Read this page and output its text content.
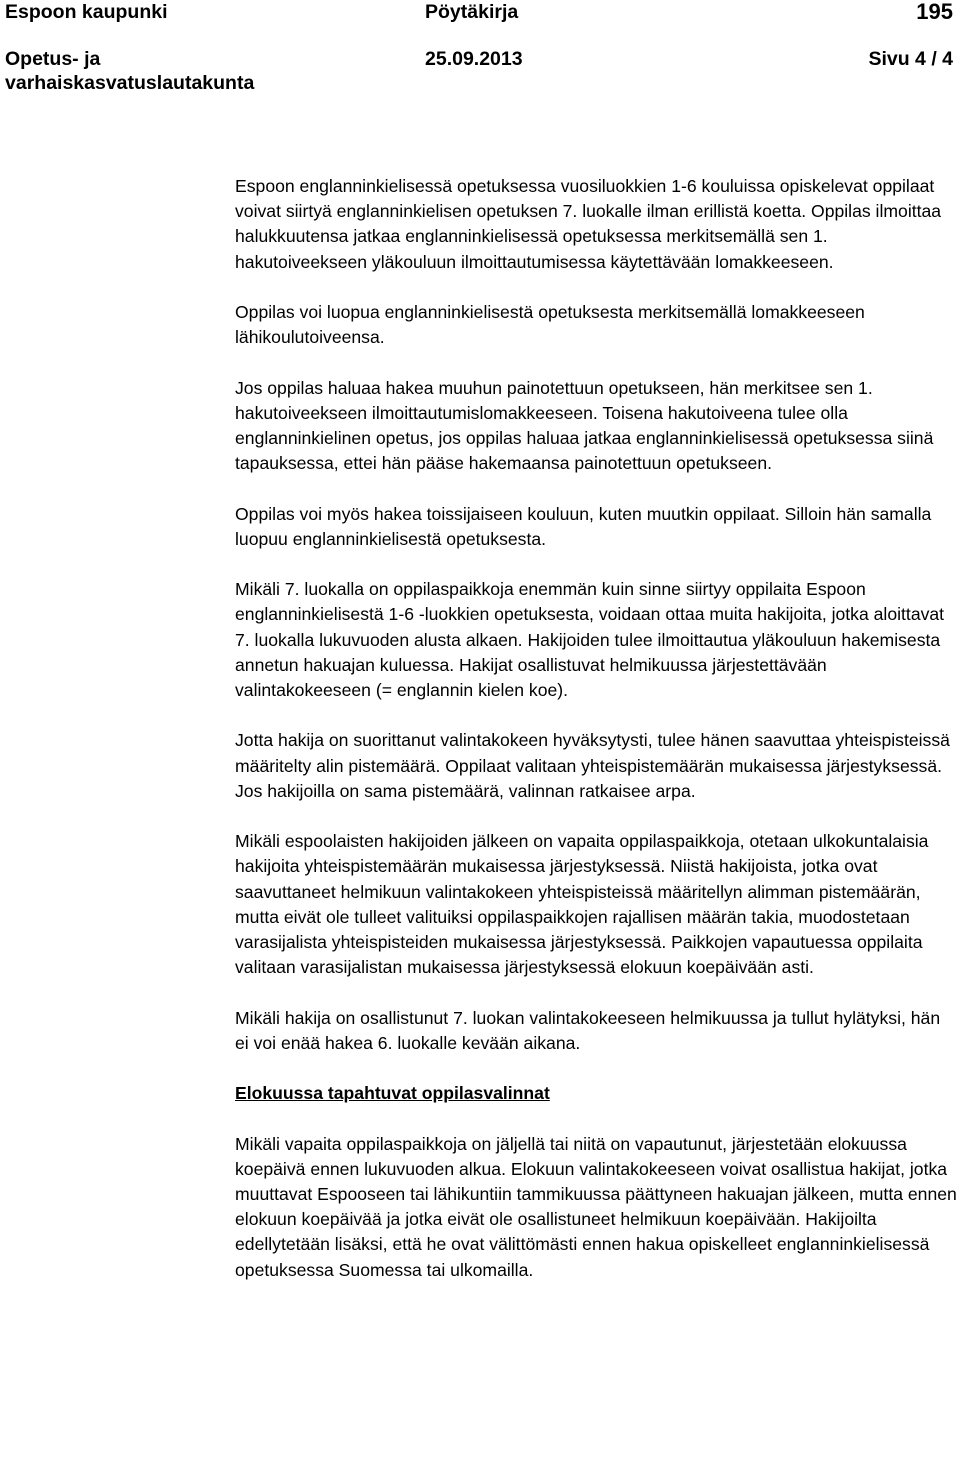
Espoon kaupunki	Pöytäkirja	195
Opetus- ja varhaiskasvatuslautakunta
25.09.2013	Sivu 4 / 4

Espoon englanninkielisessä opetuksessa vuosiluokkien 1-6 kouluissa opiskelevat oppilaat voivat siirtyä englanninkielisen opetuksen 7. luokalle ilman erillistä koetta. Oppilas ilmoittaa halukkuutensa jatkaa englanninkielisessä opetuksessa merkitsemällä sen 1. hakutoiveekseen yläkouluun ilmoittautumisessa käytettävään lomakkeeseen.

Oppilas voi luopua englanninkielisestä opetuksesta merkitsemällä lomakkeeseen lähikoulutoiveensa.

Jos oppilas haluaa hakea muuhun painotettuun opetukseen, hän merkitsee sen 1. hakutoiveekseen ilmoittautumislomakkeeseen. Toisena hakutoiveena tulee olla englanninkielinen opetus, jos oppilas haluaa jatkaa englanninkielisessä opetuksessa siinä tapauksessa, ettei hän pääse hakemaansa painotettuun opetukseen.

Oppilas voi myös hakea toissijaiseen kouluun, kuten muutkin oppilaat. Silloin hän samalla luopuu englanninkielisestä opetuksesta.

Mikäli 7. luokalla on oppilaspaikkoja enemmän kuin sinne siirtyy oppilaita Espoon englanninkielisestä 1-6 -luokkien opetuksesta, voidaan ottaa muita hakijoita, jotka aloittavat 7. luokalla lukuvuoden alusta alkaen. Hakijoiden tulee ilmoittautua yläkouluun hakemisesta annetun hakuajan kuluessa. Hakijat osallistuvat helmikuussa järjestettävään valintakokeeseen (= englannin kielen koe).

Jotta hakija on suorittanut valintakokeen hyväksytysti, tulee hänen saavuttaa yhteispisteissä määritelty alin pistemäärä. Oppilaat valitaan yhteispistemäärän mukaisessa järjestyksessä. Jos hakijoilla on sama pistemäärä, valinnan ratkaisee arpa.

Mikäli espoolaisten hakijoiden jälkeen on vapaita oppilaspaikkoja, otetaan ulkokuntalaisia hakijoita yhteispistemäärän mukaisessa järjestyksessä. Niistä hakijoista, jotka ovat saavuttaneet helmikuun valintakokeen yhteispisteissä määritellyn alimman pistemäärän, mutta eivät ole tulleet valituiksi oppilaspaikkojen rajallisen määrän takia, muodostetaan varasijalista yhteispisteiden mukaisessa järjestyksessä. Paikkojen vapautuessa oppilaita valitaan varasijalistan mukaisessa järjestyksessä elokuun koepäivään asti.

Mikäli hakija on osallistunut 7. luokan valintakokeeseen helmikuussa ja tullut hylätyksi, hän ei voi enää hakea 6. luokalle kevään aikana.

Elokuussa tapahtuvat oppilasvalinnat

Mikäli vapaita oppilaspaikkoja on jäljellä tai niitä on vapautunut, järjestetään elokuussa koepäivä ennen lukuvuoden alkua. Elokuun valintakokeeseen voivat osallistua hakijat, jotka muuttavat Espooseen tai lähikuntiin tammikuussa päättyneen hakuajan jälkeen, mutta ennen elokuun koepäivää ja jotka eivät ole osallistuneet helmikuun koepäivään. Hakijoilta edellytetään lisäksi, että he ovat välittömästi ennen hakua opiskelleet englanninkielisessä opetuksessa Suomessa tai ulkomailla.
